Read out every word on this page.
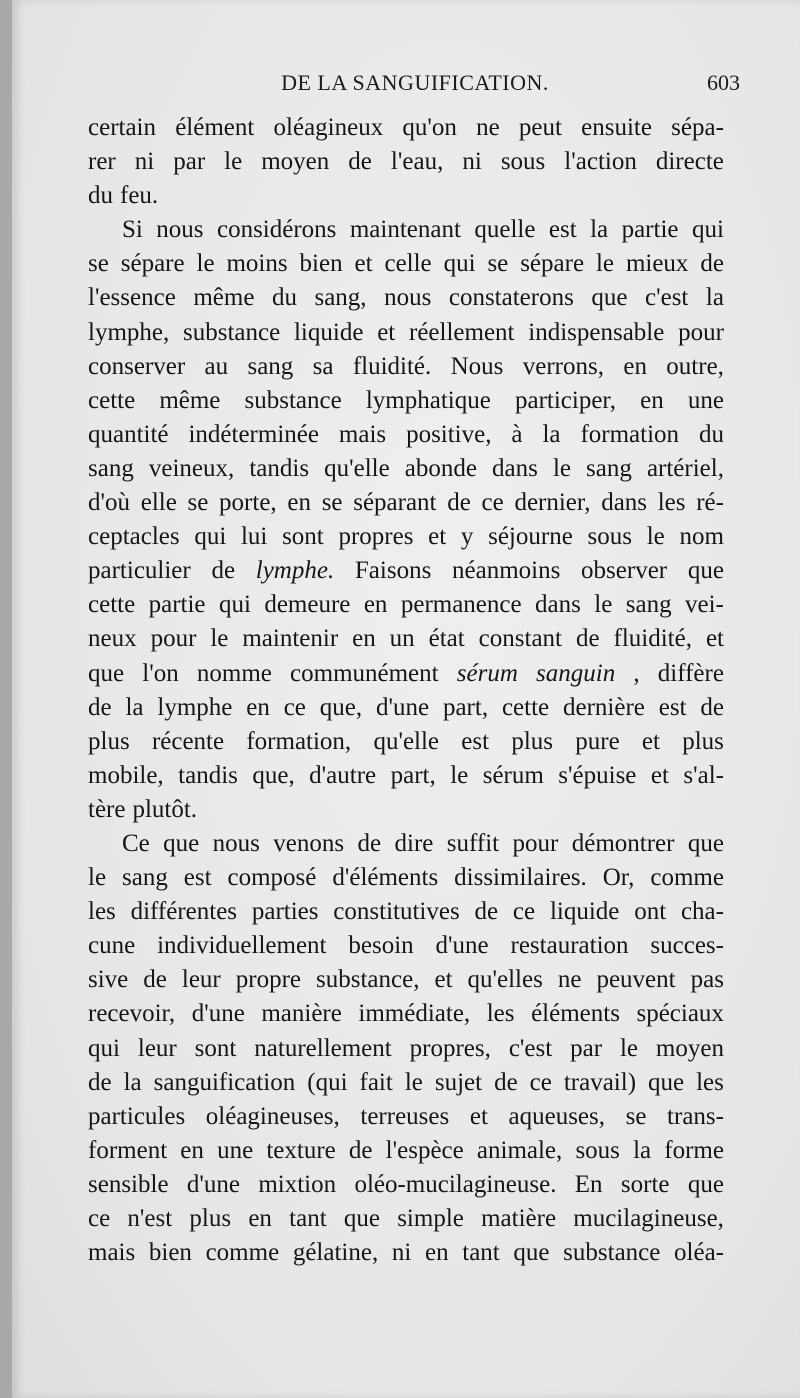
DE LA SANGUIFICATION.	603
certain élément oléagineux qu'on ne peut ensuite sépa-
rer ni par le moyen de l'eau, ni sous l'action directe
du feu.
Si nous considérons maintenant quelle est la partie qui
se sépare le moins bien et celle qui se sépare le mieux de
l'essence même du sang, nous constaterons que c'est la
lymphe, substance liquide et réellement indispensable pour
conserver au sang sa fluidité. Nous verrons, en outre,
cette même substance lymphatique participer, en une
quantité indéterminée mais positive, à la formation du
sang veineux, tandis qu'elle abonde dans le sang artériel,
d'où elle se porte, en se séparant de ce dernier, dans les ré-
ceptacles qui lui sont propres et y séjourne sous le nom
particulier de lymphe. Faisons néanmoins observer que
cette partie qui demeure en permanence dans le sang vei-
neux pour le maintenir en un état constant de fluidité, et
que l'on nomme communément sérum sanguin , diffère
de la lymphe en ce que, d'une part, cette dernière est de
plus récente formation, qu'elle est plus pure et plus
mobile, tandis que, d'autre part, le sérum s'épuise et s'al-
tère plutôt.
Ce que nous venons de dire suffit pour démontrer que
le sang est composé d'éléments dissimilaires. Or, comme
les différentes parties constitutives de ce liquide ont cha-
cune individuellement besoin d'une restauration succes-
sive de leur propre substance, et qu'elles ne peuvent pas
recevoir, d'une manière immédiate, les éléments spéciaux
qui leur sont naturellement propres, c'est par le moyen
de la sanguification (qui fait le sujet de ce travail) que les
particules oléagineuses, terreuses et aqueuses, se trans-
forment en une texture de l'espèce animale, sous la forme
sensible d'une mixtion oléo-mucilagineuse. En sorte que
ce n'est plus en tant que simple matière mucilagineuse,
mais bien comme gélatine, ni en tant que substance oléa-
